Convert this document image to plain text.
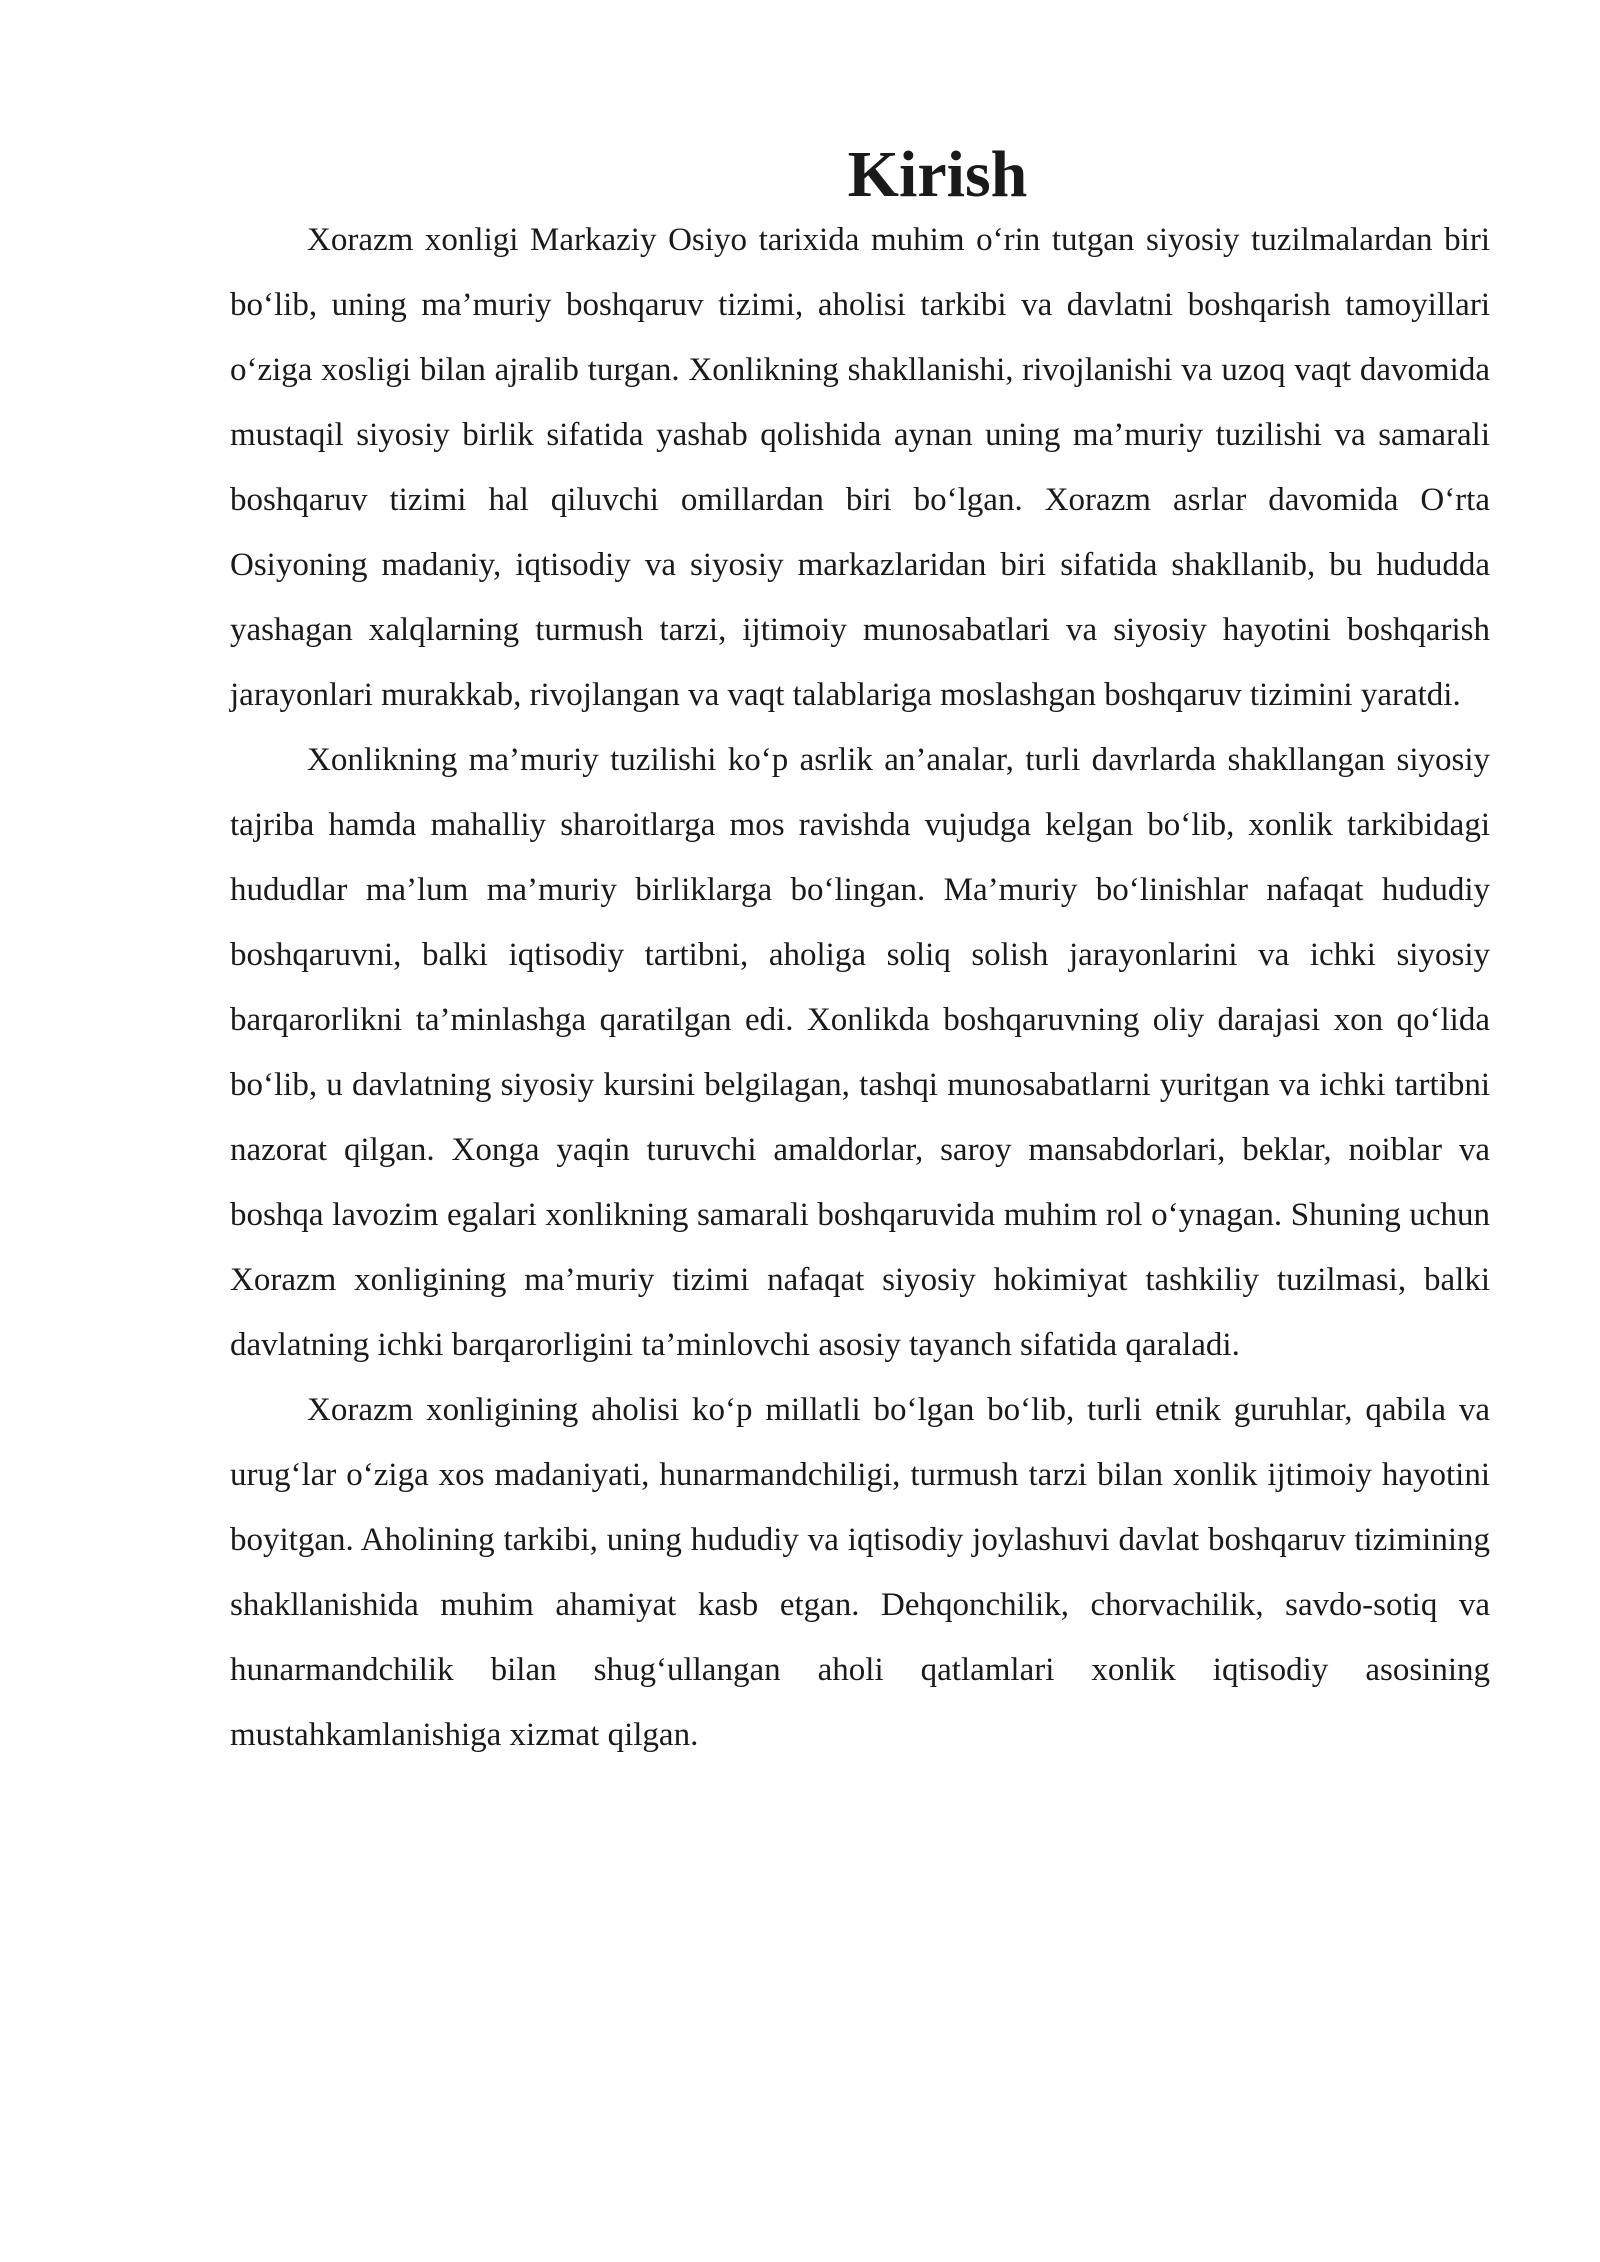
Kirish

Xorazm xonligi Markaziy Osiyo tarixida muhim o‘rin tutgan siyosiy tuzilmalardan biri bo‘lib, uning ma’muriy boshqaruv tizimi, aholisi tarkibi va davlatni boshqarish tamoyillari o‘ziga xosligi bilan ajralib turgan. Xonlikning shakllanishi, rivojlanishi va uzoq vaqt davomida mustaqil siyosiy birlik sifatida yashab qolishida aynan uning ma’muriy tuzilishi va samarali boshqaruv tizimi hal qiluvchi omillardan biri bo‘lgan. Xorazm asrlar davomida O‘rta Osiyoning madaniy, iqtisodiy va siyosiy markazlaridan biri sifatida shakllanib, bu hududda yashagan xalqlarning turmush tarzi, ijtimoiy munosabatlari va siyosiy hayotini boshqarish jarayonlari murakkab, rivojlangan va vaqt talablariga moslashgan boshqaruv tizimini yaratdi.

Xonlikning ma’muriy tuzilishi ko‘p asrlik an’analar, turli davrlarda shakllangan siyosiy tajriba hamda mahalliy sharoitlarga mos ravishda vujudga kelgan bo‘lib, xonlik tarkibidagi hududlar ma’lum ma’muriy birliklarga bo‘lingan. Ma’muriy bo‘linishlar nafaqat hududiy boshqaruvni, balki iqtisodiy tartibni, aholiga soliq solish jarayonlarini va ichki siyosiy barqarorlikni ta’minlashga qaratilgan edi. Xonlikda boshqaruvning oliy darajasi xon qo‘lida bo‘lib, u davlatning siyosiy kursini belgilagan, tashqi munosabatlarni yuritgan va ichki tartibni nazorat qilgan. Xonga yaqin turuvchi amaldorlar, saroy mansabdorlari, beklar, noiblar va boshqa lavozim egalari xonlikning samarali boshqaruvida muhim rol o‘ynagan. Shuning uchun Xorazm xonligining ma’muriy tizimi nafaqat siyosiy hokimiyat tashkiliy tuzilmasi, balki davlatning ichki barqarorligini ta’minlovchi asosiy tayanch sifatida qaraladi.

Xorazm xonligining aholisi ko‘p millatli bo‘lgan bo‘lib, turli etnik guruhlar, qabila va urug‘lar o‘ziga xos madaniyati, hunarmandchiligi, turmush tarzi bilan xonlik ijtimoiy hayotini boyitgan. Aholining tarkibi, uning hududiy va iqtisodiy joylashuvi davlat boshqaruv tizimining shakllanishida muhim ahamiyat kasb etgan. Dehqonchilik, chorvachilik, savdo-sotiq va hunarmandchilik bilan shug‘ullangan aholi qatlamlari xonlik iqtisodiy asosining mustahkamlanishiga xizmat qilgan.
